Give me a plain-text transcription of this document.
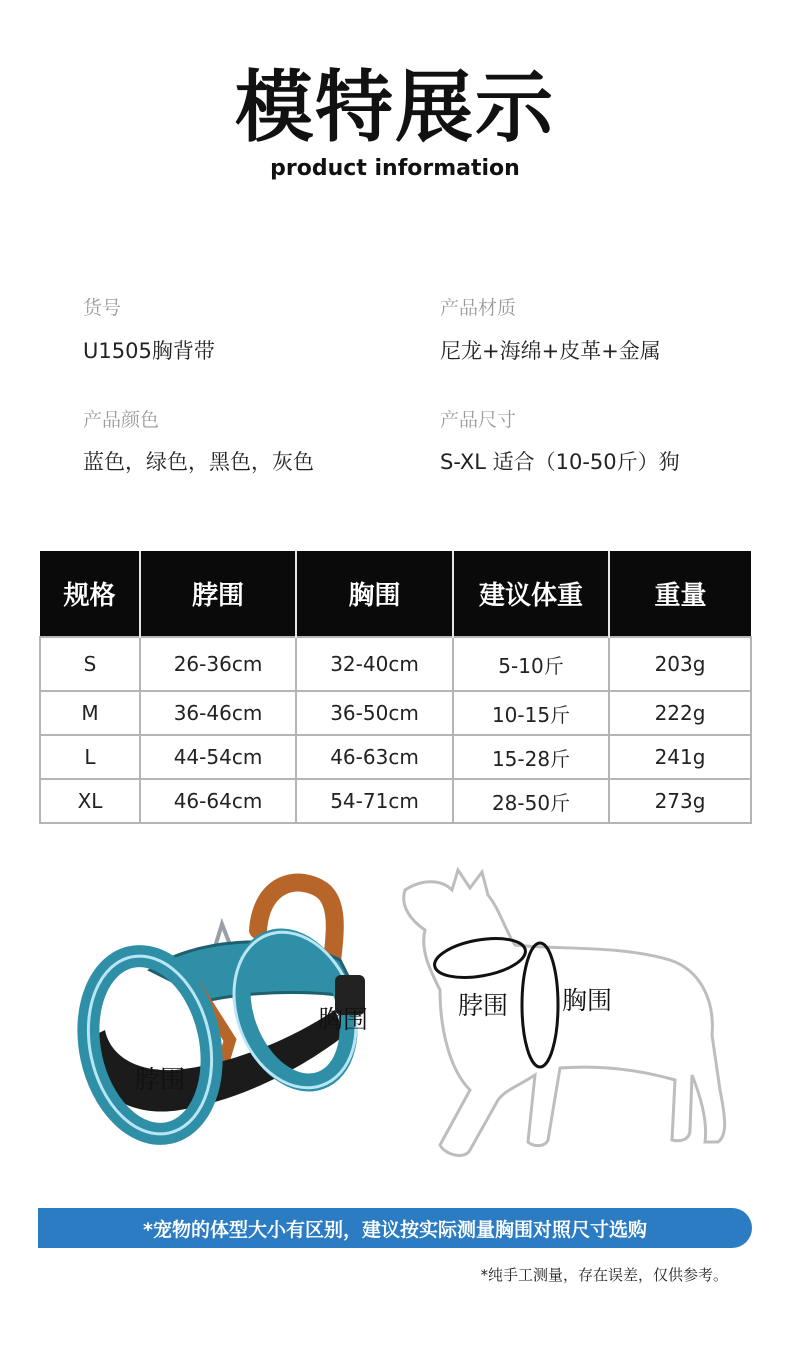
模特展示
product information
货号
U1505胸背带
产品材质
尼龙+海绵+皮革+金属
产品颜色
蓝色，绿色，黑色，灰色
产品尺寸
S-XL 适合（10-50斤）狗
规格	脖围	胸围	建议体重	重量
S	26-36cm	32-40cm	5-10斤	203g
M	36-46cm	36-50cm	10-15斤	222g
L	44-54cm	46-63cm	15-28斤	241g
XL	46-64cm	54-71cm	28-50斤	273g
胸围
脖围
脖围 胸围
*宠物的体型大小有区别，建议按实际测量胸围对照尺寸选购
*纯手工测量，存在误差，仅供参考。
